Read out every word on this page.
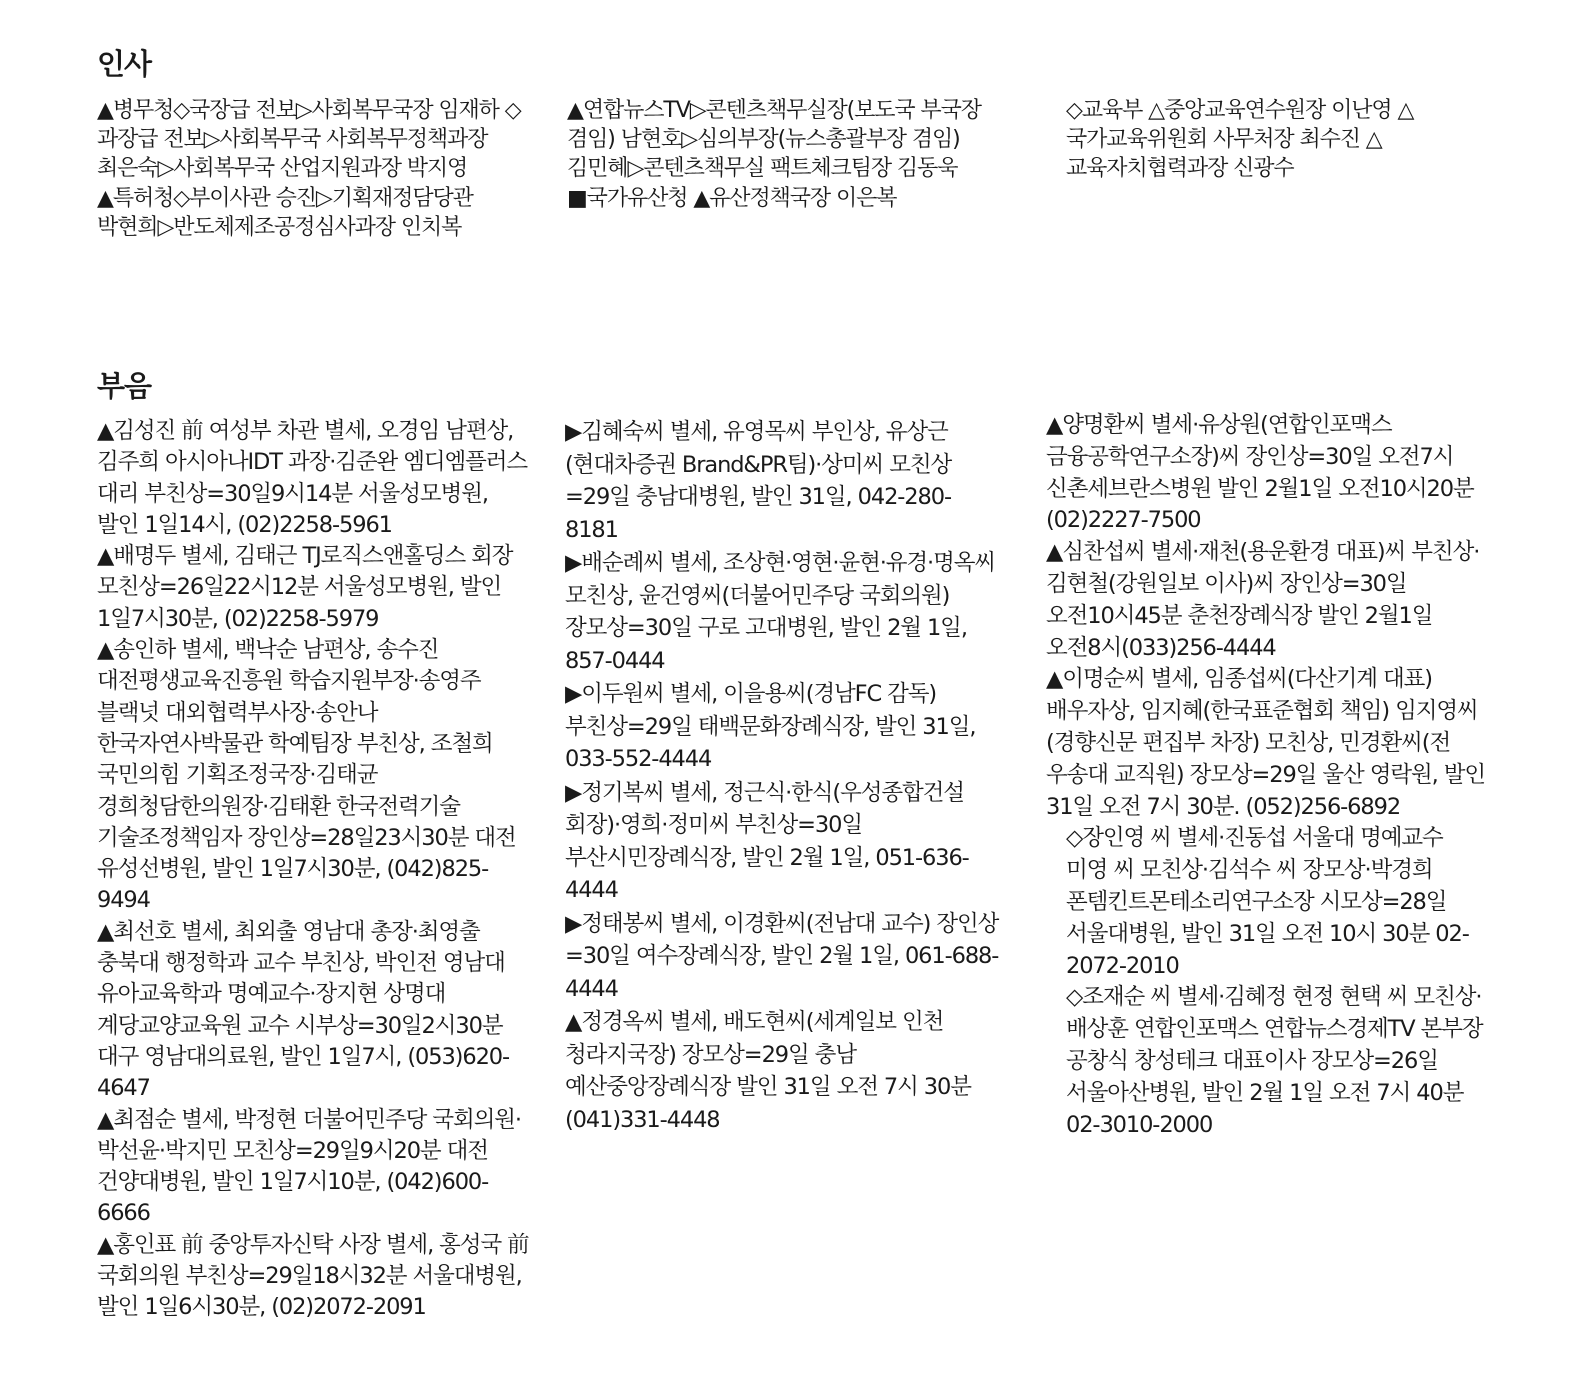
인사

▲병무청◇국장급 전보▷사회복무국장 임재하 ◇과장급 전보▷사회복무국 사회복무정책과장 최은숙▷사회복무국 산업지원과장 박지영

▲특허청◇부이사관 승진▷기획재정담당관 박현희▷반도체제조공정심사과장 인치복

▲연합뉴스TV▷콘텐츠책무실장(보도국 부국장 겸임) 남현호▷심의부장(뉴스총괄부장 겸임) 김민혜▷콘텐츠책무실 팩트체크팀장 김동욱

■국가유산청 ▲유산정책국장 이은복

◇교육부 △중앙교육연수원장 이난영 △국가교육위원회 사무처장 최수진 △교육자치협력과장 신광수

부음

▲김성진 前 여성부 차관 별세, 오경임 남편상, 김주희 아시아나IDT 과장·김준완 엠디엠플러스 대리 부친상=30일9시14분 서울성모병원, 발인 1일14시, (02)2258-5961

▲배명두 별세, 김태근 TJ로직스앤홀딩스 회장 모친상=26일22시12분 서울성모병원, 발인 1일7시30분, (02)2258-5979

▲송인하 별세, 백낙순 남편상, 송수진 대전평생교육진흥원 학습지원부장·송영주 블랙넛 대외협력부사장·송안나 한국자연사박물관 학예팀장 부친상, 조철희 국민의힘 기획조정국장·김태균 경희청담한의원장·김태환 한국전력기술 기술조정책임자 장인상=28일23시30분 대전 유성선병원, 발인 1일7시30분, (042)825-9494

▲최선호 별세, 최외출 영남대 총장·최영출 충북대 행정학과 교수 부친상, 박인전 영남대 유아교육학과 명예교수·장지현 상명대 계당교양교육원 교수 시부상=30일2시30분 대구 영남대의료원, 발인 1일7시, (053)620-4647

▲최점순 별세, 박정현 더불어민주당 국회의원·박선윤·박지민 모친상=29일9시20분 대전 건양대병원, 발인 1일7시10분, (042)600-6666

▲홍인표 前 중앙투자신탁 사장 별세, 홍성국 前 국회의원 부친상=29일18시32분 서울대병원, 발인 1일6시30분, (02)2072-2091

▶김혜숙씨 별세, 유영목씨 부인상, 유상근(현대차증권 Brand&PR팀)·상미씨 모친상=29일 충남대병원, 발인 31일, 042-280-8181

▶배순례씨 별세, 조상현·영현·윤현·유경·명옥씨 모친상, 윤건영씨(더불어민주당 국회의원) 장모상=30일 구로 고대병원, 발인 2월 1일, 857-0444

▶이두원씨 별세, 이을용씨(경남FC 감독) 부친상=29일 태백문화장례식장, 발인 31일, 033-552-4444

▶정기복씨 별세, 정근식·한식(우성종합건설 회장)·영희·정미씨 부친상=30일 부산시민장례식장, 발인 2월 1일, 051-636-4444

▶정태봉씨 별세, 이경환씨(전남대 교수) 장인상=30일 여수장례식장, 발인 2월 1일, 061-688-4444

▲정경옥씨 별세, 배도현씨(세계일보 인천 청라지국장) 장모상=29일 충남 예산중앙장례식장 발인 31일 오전 7시 30분 (041)331-4448

▲양명환씨 별세·유상원(연합인포맥스 금융공학연구소장)씨 장인상=30일 오전7시 신촌세브란스병원 발인 2월1일 오전10시20분 (02)2227-7500

▲심찬섭씨 별세·재천(용운환경 대표)씨 부친상·김현철(강원일보 이사)씨 장인상=30일 오전10시45분 춘천장례식장 발인 2월1일 오전8시(033)256-4444

▲이명순씨 별세, 임종섭씨(다산기계 대표) 배우자상, 임지혜(한국표준협회 책임) 임지영씨(경향신문 편집부 차장) 모친상, 민경환씨(전 우송대 교직원) 장모상=29일 울산 영락원, 발인 31일 오전 7시 30분. (052)256-6892

◇장인영 씨 별세·진동섭 서울대 명예교수 미영 씨 모친상·김석수 씨 장모상·박경희 폰템킨트몬테소리연구소장 시모상=28일 서울대병원, 발인 31일 오전 10시 30분 02-2072-2010

◇조재순 씨 별세·김혜정 현정 현택 씨 모친상·배상훈 연합인포맥스 연합뉴스경제TV 본부장 공창식 창성테크 대표이사 장모상=26일 서울아산병원, 발인 2월 1일 오전 7시 40분 02-3010-2000
